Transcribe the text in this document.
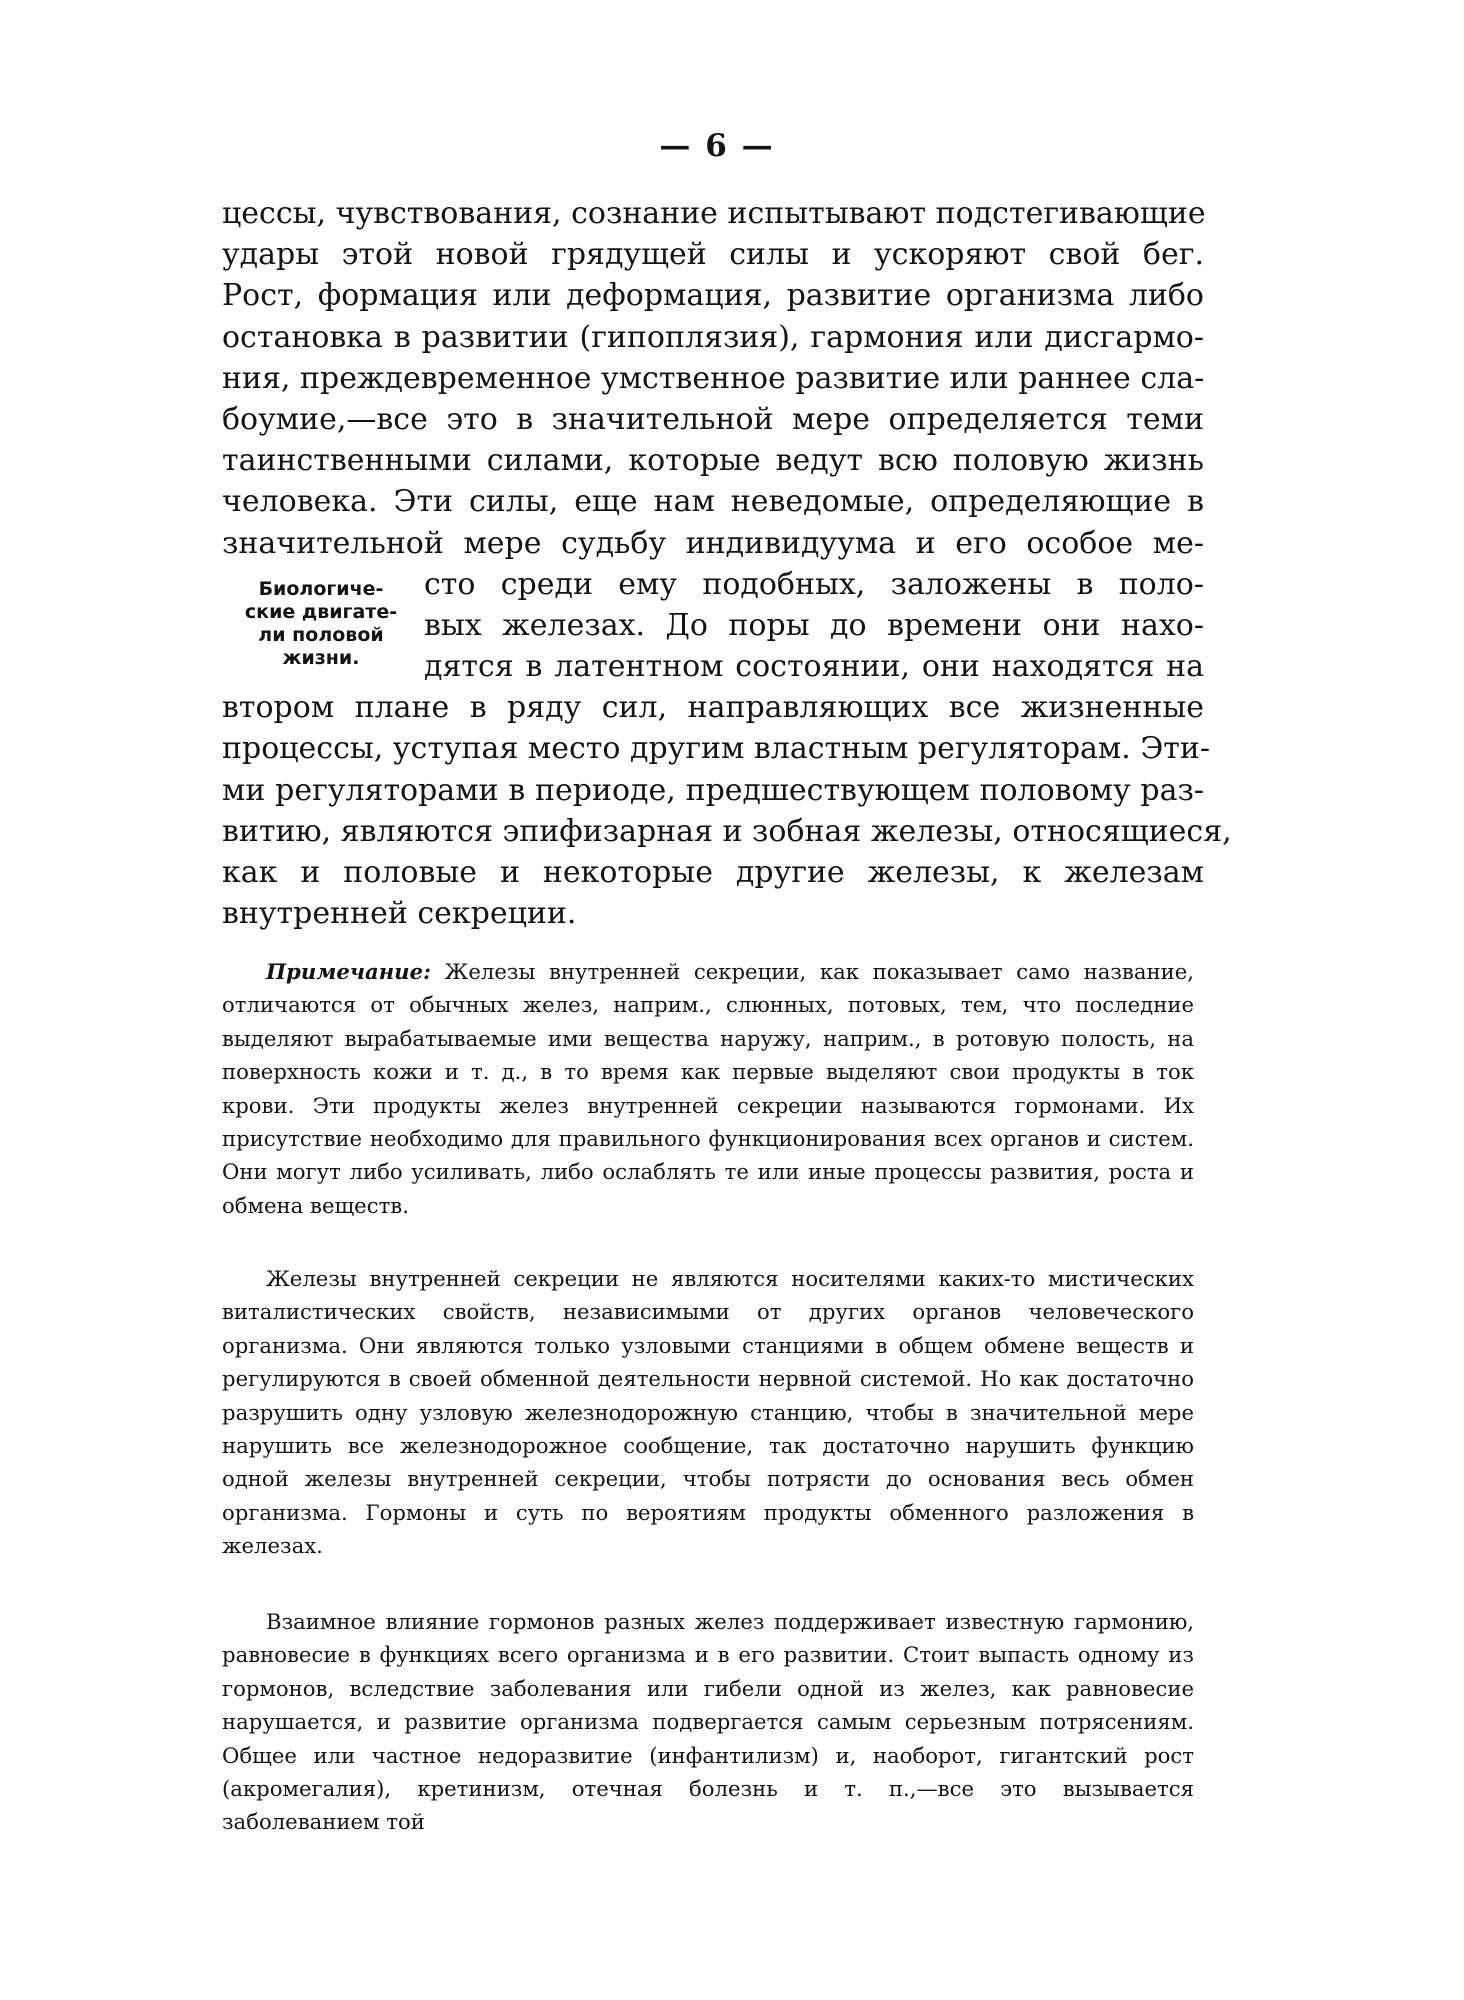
— 6 —
цессы, чувствования, сознание испытывают подстегивающие
удары этой новой грядущей силы и ускоряют свой бег.
Рост, формация или деформация, развитие организма либо
остановка в развитии (гипоплязия), гармония или дисгармо-
ния, преждевременное умственное развитие или раннее сла-
боумие,—все это в значительной мере определяется теми
таинственными силами, которые ведут всю половую жизнь
человека. Эти силы, еще нам неведомые, определяющие в
значительной мере судьбу индивидуума и его особое ме-
сто среди ему подобных, заложены в поло-
вых железах. До поры до времени они нахо-
дятся в латентном состоянии, они находятся на
втором плане в ряду сил, направляющих все жизненные
процессы, уступая место другим властным регуляторам. Эти-
ми регуляторами в периоде, предшествующем половому раз-
витию, являются эпифизарная и зобная железы, относящиеся,
как и половые и некоторые другие железы, к железам
внутренней секреции.
Биологиче-
ские двигате-
ли половой
жизни.

Примечание: Железы внутренней секреции, как показывает само название, отличаются от обычных желез, наприм., слюнных, потовых, тем, что последние выделяют вырабатываемые ими вещества наружу, наприм., в ротовую полость, на поверхность кожи и т. д., в то время как первые выделяют свои продукты в ток крови. Эти продукты желез внутренней секреции называются гормонами. Их присутствие необходимо для правильного функционирования всех органов и систем. Они могут либо усиливать, либо ослаблять те или иные процессы развития, роста и обмена веществ.

Железы внутренней секреции не являются носителями каких-то мистических виталистических свойств, независимыми от других органов человеческого организма. Они являются только узловыми станциями в общем обмене веществ и регулируются в своей обменной деятельности нервной системой. Но как достаточно разрушить одну узловую железнодорожную станцию, чтобы в значительной мере нарушить все железнодорожное сообщение, так достаточно нарушить функцию одной железы внутренней секреции, чтобы потрясти до основания весь обмен организма. Гормоны и суть по вероятиям продукты обменного разложения в железах.

Взаимное влияние гормонов разных желез поддерживает известную гармонию, равновесие в функциях всего организма и в его развитии. Стоит выпасть одному из гормонов, вследствие заболевания или гибели одной из желез, как равновесие нарушается, и развитие организма подвергается самым серьезным потрясениям. Общее или частное недоразвитие (инфантилизм) и, наоборот, гигантский рост (акромегалия), кретинизм, отечная болезнь и т. п.,—все это вызывается заболеванием той
